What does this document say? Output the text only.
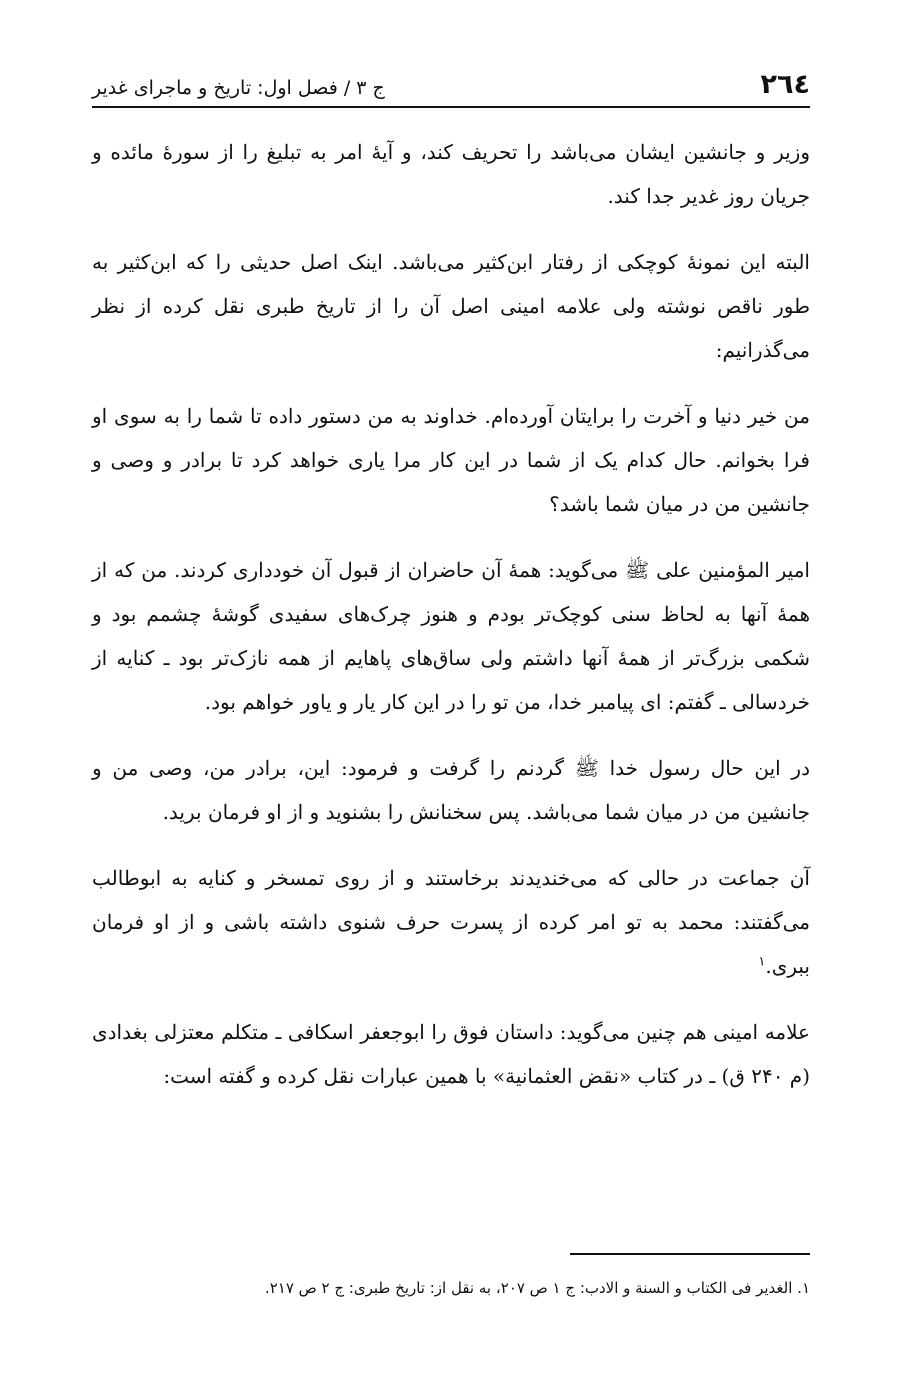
٢٦٤
ج ٣ / فصل اول: تاریخ و ماجرای غدیر

وزیر و جانشین ایشان می‌باشد را تحریف کند، و آیهٔ امر به تبلیغ را از سورهٔ مائده و جریان روز غدیر جدا کند.

البته این نمونهٔ کوچکی از رفتار ابن‌کثیر می‌باشد. اینک اصل حدیثی را که ابن‌کثیر به طور ناقص نوشته ولی علامه امینی اصل آن را از تاریخ طبری نقل کرده از نظر می‌گذرانیم:

من خیر دنیا و آخرت را برایتان آورده‌ام. خداوند به من دستور داده تا شما را به سوی او فرا بخوانم. حال کدام یک از شما در این کار مرا یاری خواهد کرد تا برادر و وصی و جانشین من در میان شما باشد؟

امیر المؤمنین علی ﷺ می‌گوید: همهٔ آن حاضران از قبول آن خودداری کردند. من که از همهٔ آنها به لحاظ سنی کوچک‌تر بودم و هنوز چرک‌های سفیدی گوشهٔ چشمم بود و شکمی بزرگ‌تر از همهٔ آنها داشتم ولی ساق‌های پاهایم از همه نازک‌تر بود ـ کنایه از خردسالی ـ گفتم: ای پیامبر خدا، من تو را در این کار یار و یاور خواهم بود.

در این حال رسول خدا ﷺ گردنم را گرفت و فرمود: این، برادر من، وصی من و جانشین من در میان شما می‌باشد. پس سخنانش را بشنوید و از او فرمان برید.

آن جماعت در حالی که می‌خندیدند برخاستند و از روی تمسخر و کنایه به ابوطالب می‌گفتند: محمد به تو امر کرده از پسرت حرف شنوی داشته باشی و از او فرمان ببری.$^١$

علامه امینی هم چنین می‌گوید: داستان فوق را ابوجعفر اسکافی ـ متکلم معتزلی بغدادی (م ٢۴٠ ق) ـ در کتاب «نقض العثمانیة» با همین عبارات نقل کرده و گفته است:

١. الغدیر فی الکتاب و السنة و الادب: ج ١ ص ٢٠٧، به نقل از: تاریخ طبری: ج ٢ ص ٢١٧.
